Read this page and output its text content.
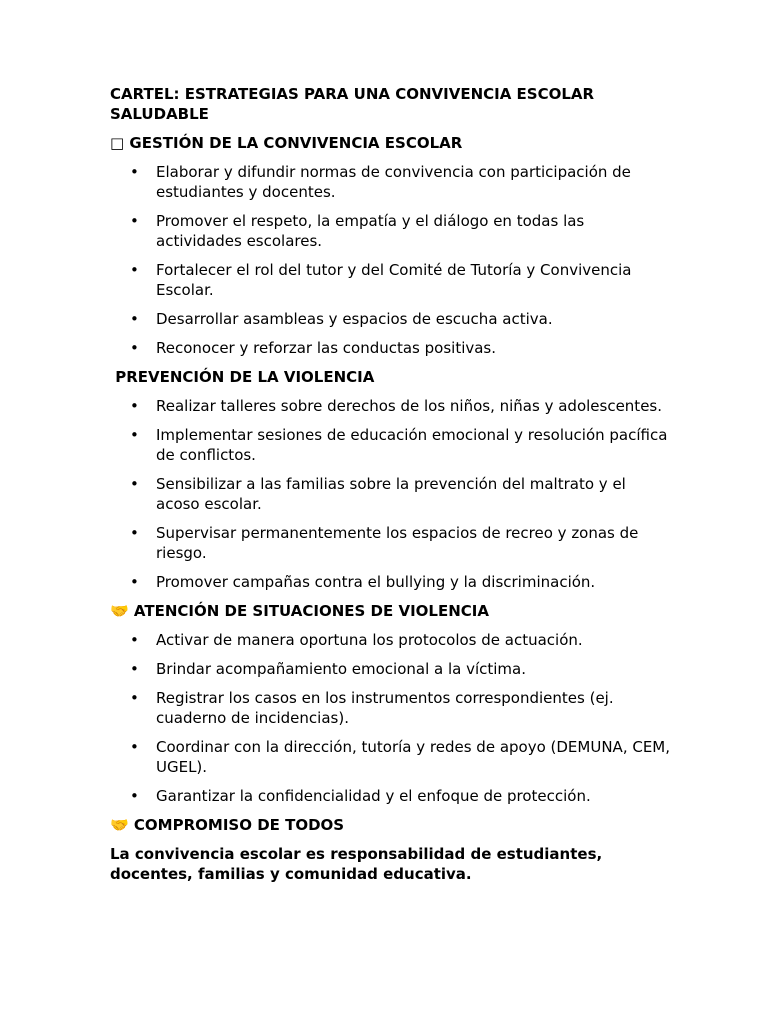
CARTEL: ESTRATEGIAS PARA UNA CONVIVENCIA ESCOLAR SALUDABLE

□ GESTIÓN DE LA CONVIVENCIA ESCOLAR

• Elaborar y difundir normas de convivencia con participación de estudiantes y docentes.
• Promover el respeto, la empatía y el diálogo en todas las actividades escolares.
• Fortalecer el rol del tutor y del Comité de Tutoría y Convivencia Escolar.
• Desarrollar asambleas y espacios de escucha activa.
• Reconocer y reforzar las conductas positivas.

PREVENCIÓN DE LA VIOLENCIA

• Realizar talleres sobre derechos de los niños, niñas y adolescentes.
• Implementar sesiones de educación emocional y resolución pacífica de conflictos.
• Sensibilizar a las familias sobre la prevención del maltrato y el acoso escolar.
• Supervisar permanentemente los espacios de recreo y zonas de riesgo.
• Promover campañas contra el bullying y la discriminación.

🤝 ATENCIÓN DE SITUACIONES DE VIOLENCIA

• Activar de manera oportuna los protocolos de actuación.
• Brindar acompañamiento emocional a la víctima.
• Registrar los casos en los instrumentos correspondientes (ej. cuaderno de incidencias).
• Coordinar con la dirección, tutoría y redes de apoyo (DEMUNA, CEM, UGEL).
• Garantizar la confidencialidad y el enfoque de protección.

🤝 COMPROMISO DE TODOS

La convivencia escolar es responsabilidad de estudiantes, docentes, familias y comunidad educativa.
